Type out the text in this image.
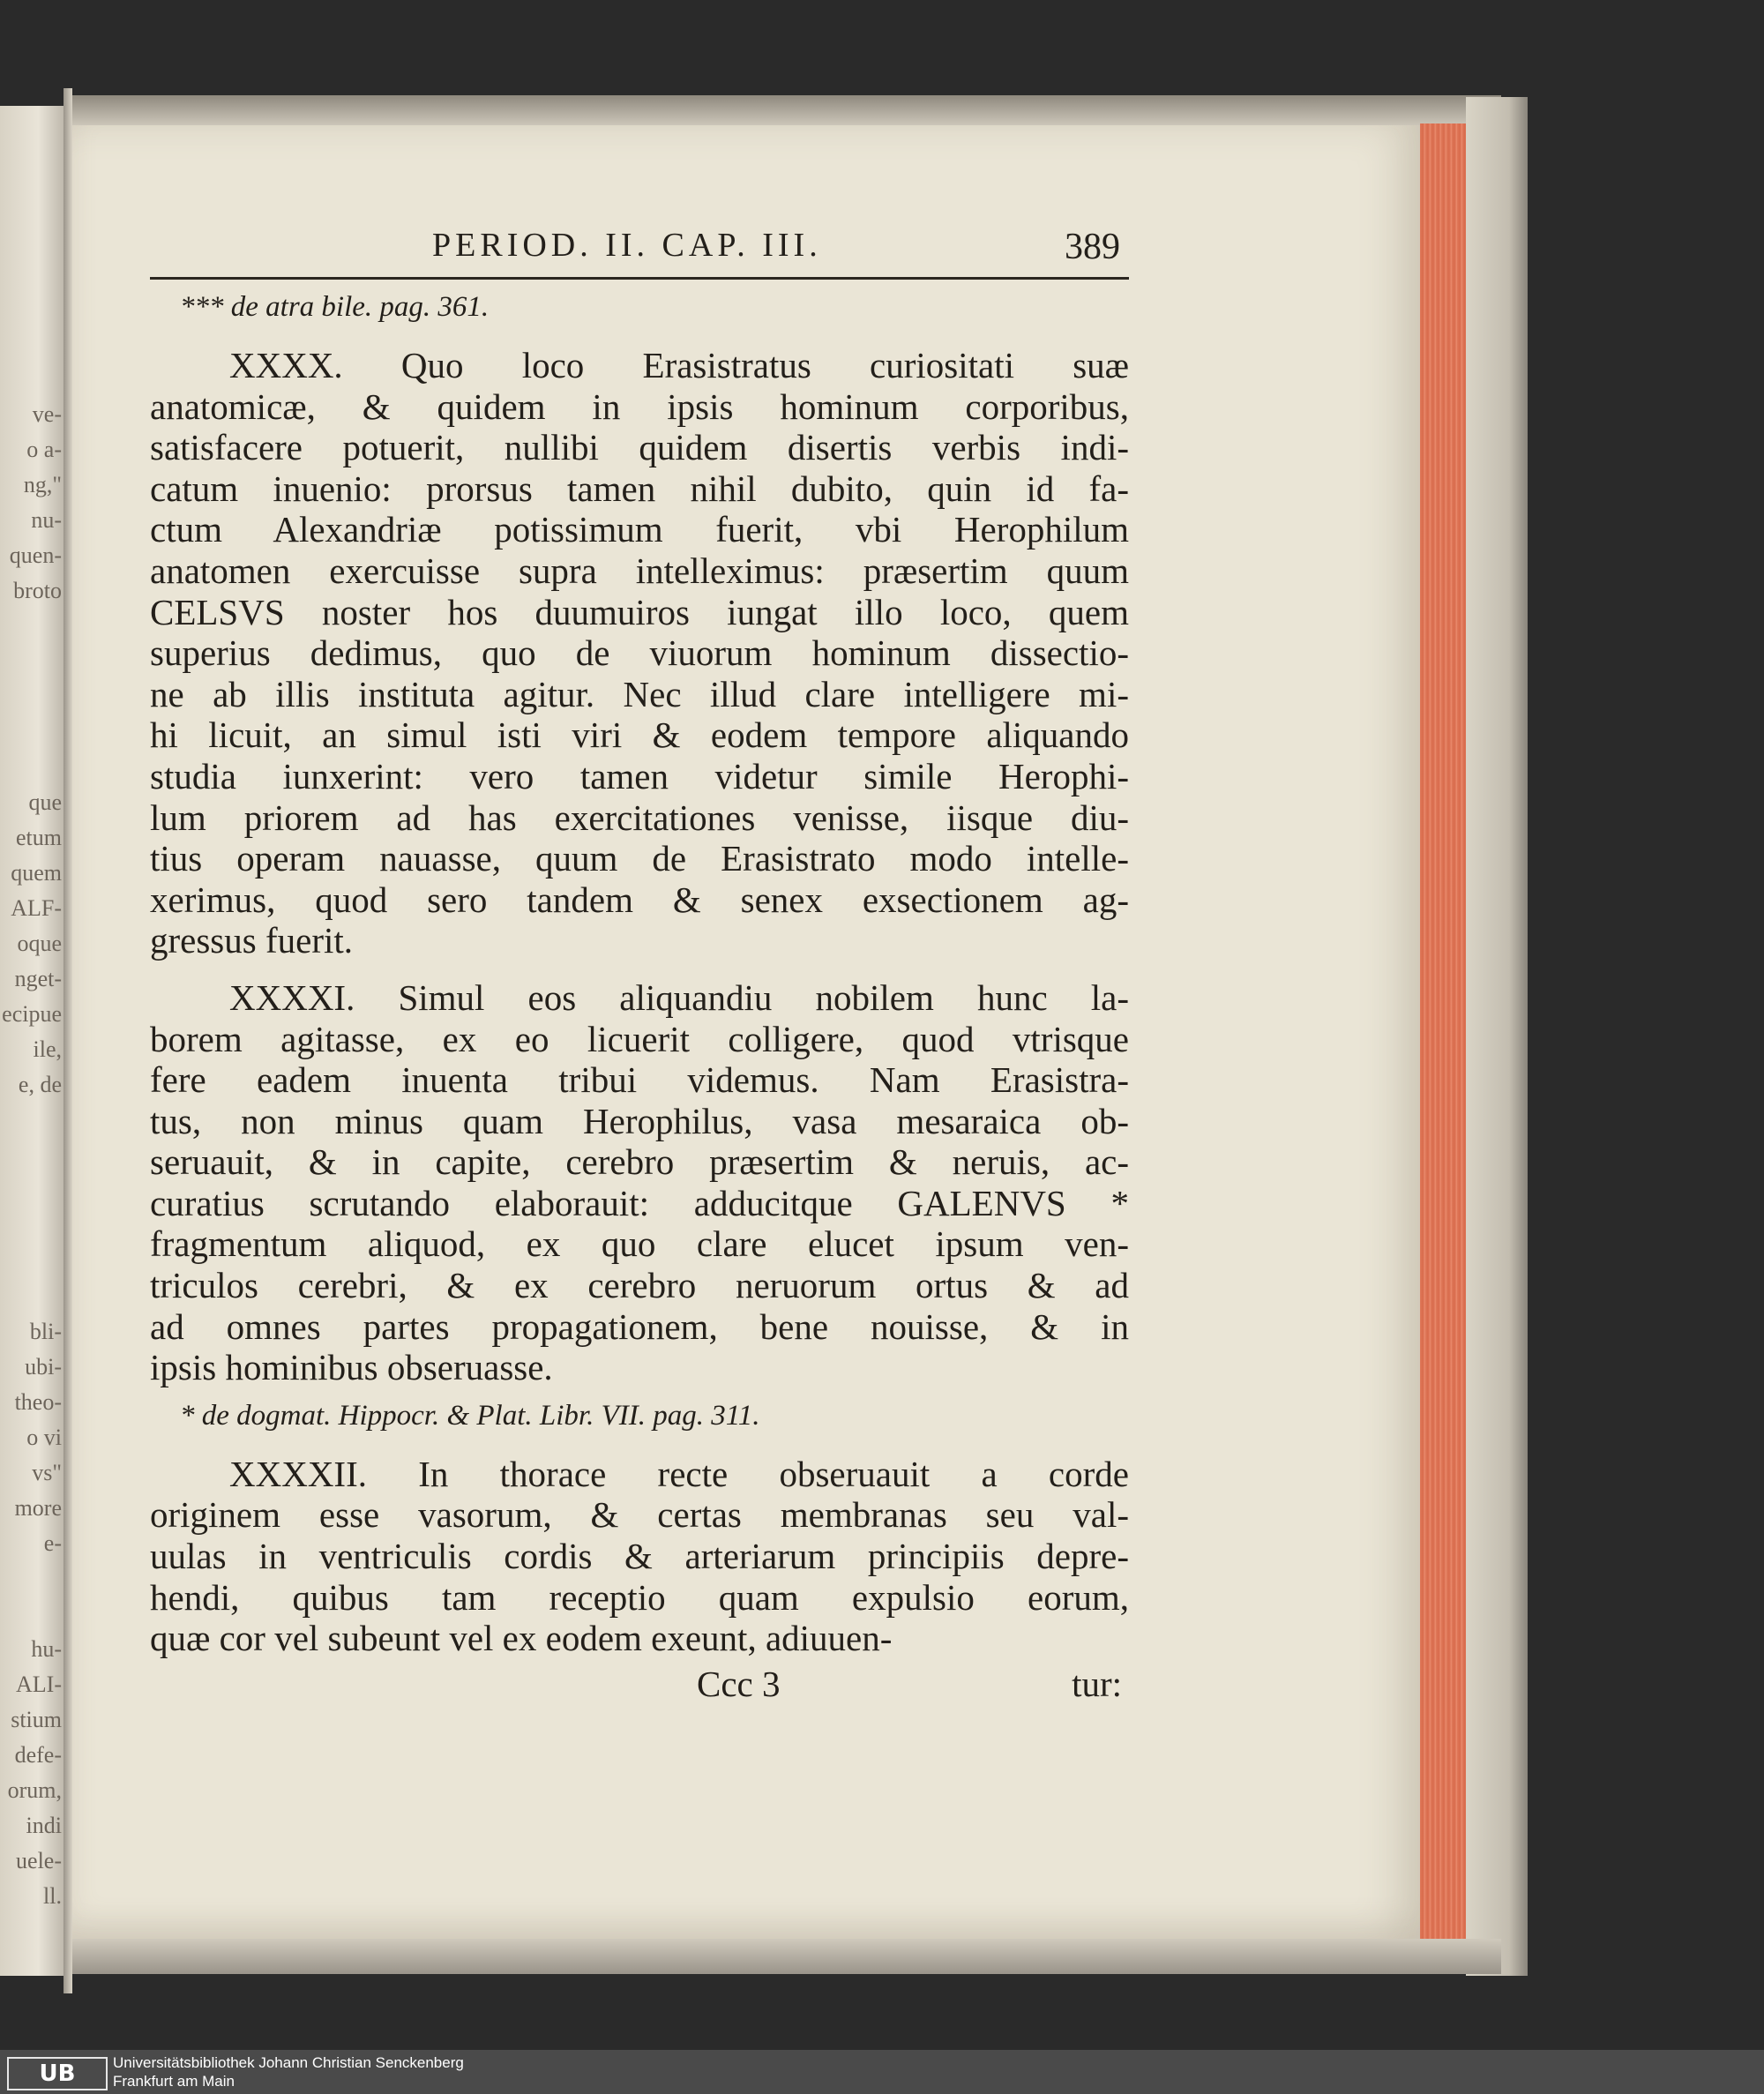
ve-
o a-
ng,"
nu-
quen-
broto
que
etum
quem
ALF-
oque
nget-
ecipue
ile,
e, de
bli-
ubi-
theo-
o vi
vs"
more
e-
hu-
ALI-
stium
defe-
orum,
indi
uele-
ll.
PERIOD. II. CAP. III.	389
*** de atra bile. pag. 361.
XXXX. Quo loco Erasistratus curiositati suæ
anatomicæ, & quidem in ipsis hominum corporibus,
satisfacere potuerit, nullibi quidem disertis verbis indi-
catum inuenio: prorsus tamen nihil dubito, quin id fa-
ctum Alexandriæ potissimum fuerit, vbi Herophilum
anatomen exercuisse supra intelleximus: præsertim quum
CELSVS noster hos duumuiros iungat illo loco, quem
superius dedimus, quo de viuorum hominum dissectio-
ne ab illis instituta agitur. Nec illud clare intelligere mi-
hi licuit, an simul isti viri & eodem tempore aliquando
studia iunxerint: vero tamen videtur simile Herophi-
lum priorem ad has exercitationes venisse, iisque diu-
tius operam nauasse, quum de Erasistrato modo intelle-
xerimus, quod sero tandem & senex exsectionem ag-
gressus fuerit.
XXXXI. Simul eos aliquandiu nobilem hunc la-
borem agitasse, ex eo licuerit colligere, quod vtrisque
fere eadem inuenta tribui videmus. Nam Erasistra-
tus, non minus quam Herophilus, vasa mesaraica ob-
seruauit, & in capite, cerebro præsertim & neruis, ac-
curatius scrutando elaborauit: adducitque GALENVS *
fragmentum aliquod, ex quo clare elucet ipsum ven-
triculos cerebri, & ex cerebro neruorum ortus & ad
ad omnes partes propagationem, bene nouisse, & in
ipsis hominibus obseruasse.
* de dogmat. Hippocr. & Plat. Libr. VII. pag. 311.
XXXXII. In thorace recte obseruauit a corde
originem esse vasorum, & certas membranas seu val-
uulas in ventriculis cordis & arteriarum principiis depre-
hendi, quibus tam receptio quam expulsio eorum,
quæ cor vel subeunt vel ex eodem exeunt, adiuuen-
Ccc 3	tur:
UB	Universitätsbibliothek Johann Christian Senckenberg
Frankfurt am Main
